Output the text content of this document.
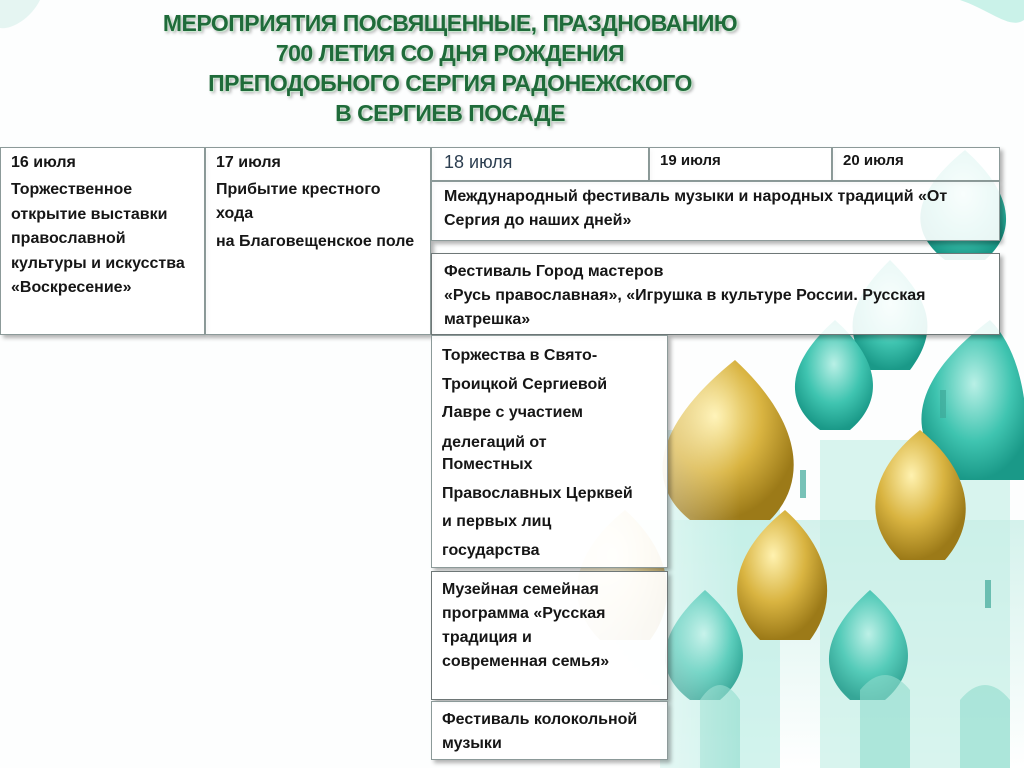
МЕРОПРИЯТИЯ ПОСВЯЩЕННЫЕ, ПРАЗДНОВАНИЮ
700 ЛЕТИЯ СО ДНЯ РОЖДЕНИЯ
ПРЕПОДОБНОГО СЕРГИЯ РАДОНЕЖСКОГО
В СЕРГИЕВ ПОСАДЕ
16 июля
Торжественное открытие выставки православной культуры и искусства «Воскресение»
17 июля
Прибытие крестного хода
на Благовещенское поле
18 июля	19 июля	20 июля
Международный фестиваль музыки и народных традиций «От Сергия до наших дней»
Фестиваль Город мастеров
«Русь православная», «Игрушка в культуре России. Русская матрешка»
Торжества в Свято-
Троицкой Сергиевой
Лавре с участием
делегаций от
Поместных
Православных Церквей
и первых лиц
государства
Музейная семейная программа «Русская традиция и современная семья»
Фестиваль колокольной музыки
